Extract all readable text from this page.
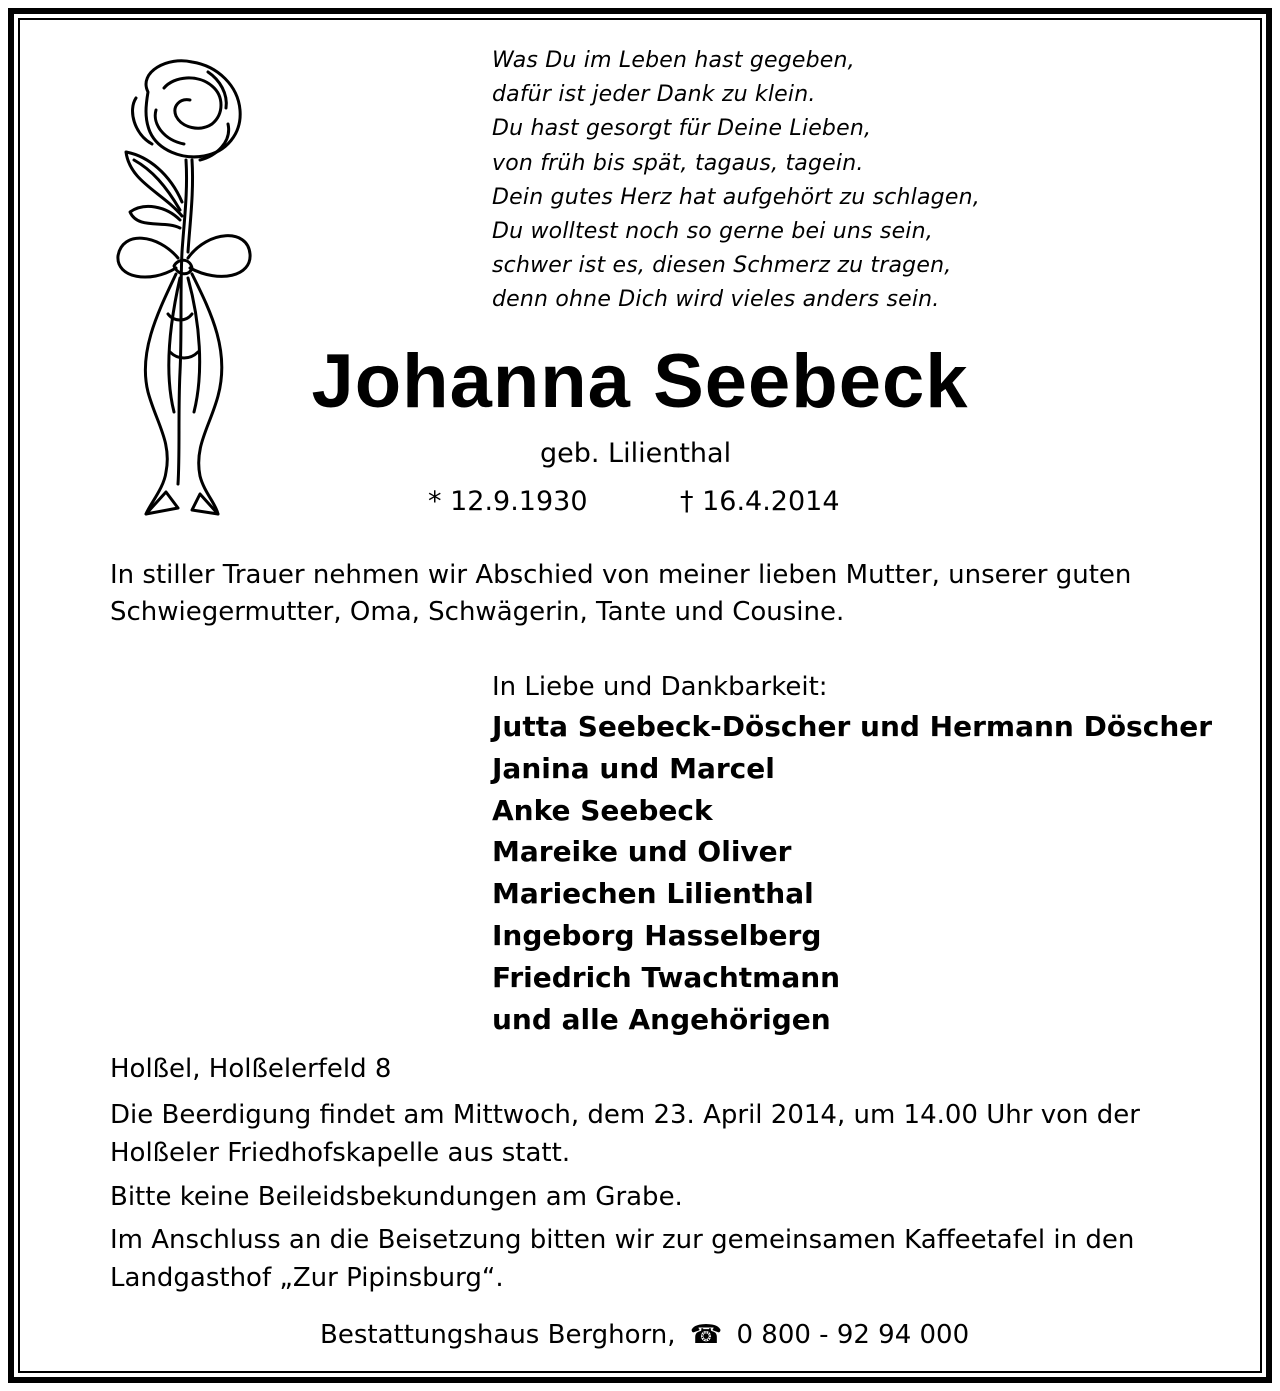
Was Du im Leben hast gegeben,
dafür ist jeder Dank zu klein.
Du hast gesorgt für Deine Lieben,
von früh bis spät, tagaus, tagein.
Dein gutes Herz hat aufgehört zu schlagen,
Du wolltest noch so gerne bei uns sein,
schwer ist es, diesen Schmerz zu tragen,
denn ohne Dich wird vieles anders sein.
Johanna Seebeck
geb. Lilienthal
* 12.9.1930	† 16.4.2014
In stiller Trauer nehmen wir Abschied von meiner lieben Mutter, unserer guten Schwiegermutter, Oma, Schwägerin, Tante und Cousine.
In Liebe und Dankbarkeit:
Jutta Seebeck-Döscher und Hermann Döscher
Janina und Marcel
Anke Seebeck
Mareike und Oliver
Mariechen Lilienthal
Ingeborg Hasselberg
Friedrich Twachtmann
und alle Angehörigen
Holßel, Holßelerfeld 8
Die Beerdigung findet am Mittwoch, dem 23. April 2014, um 14.00 Uhr von der Holßeler Friedhofskapelle aus statt.
Bitte keine Beileidsbekundungen am Grabe.
Im Anschluss an die Beisetzung bitten wir zur gemeinsamen Kaffeetafel in den Landgasthof „Zur Pipinsburg“.
Bestattungshaus Berghorn, ☎ 0 800 - 92 94 000
